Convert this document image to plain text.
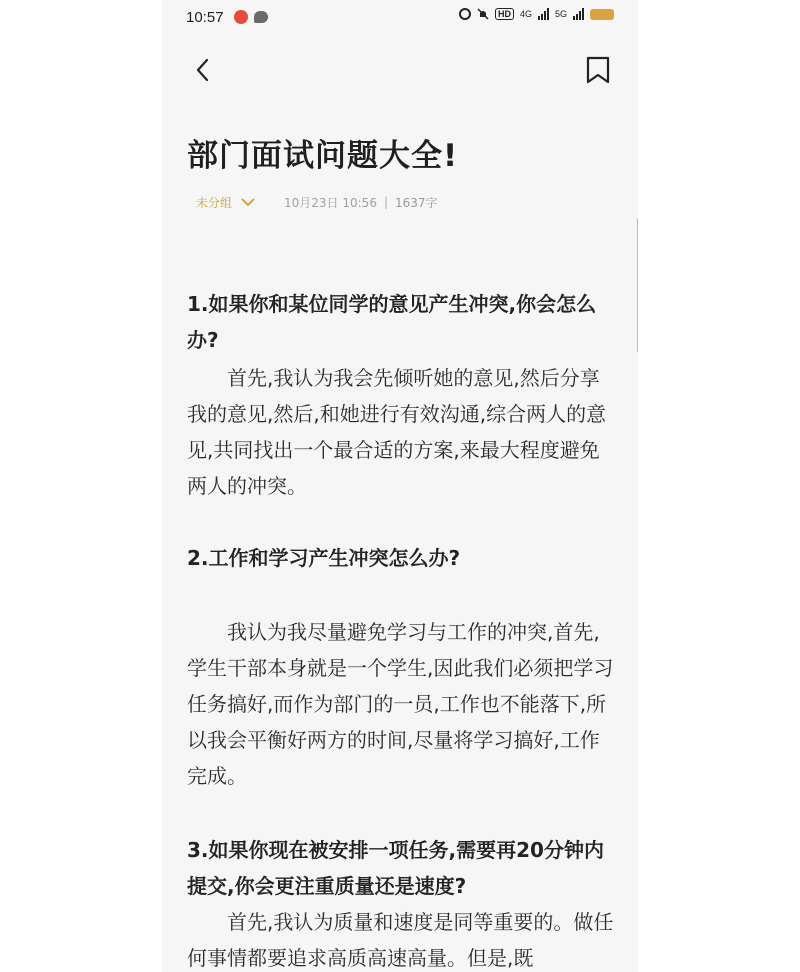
10:57	HD	4G	5G
部门面试问题大全!
未分组	10月23日 10:56 | 1637字

1.如果你和某位同学的意见产生冲突,你会怎么办?

首先,我认为我会先倾听她的意见,然后分享我的意见,然后,和她进行有效沟通,综合两人的意见,共同找出一个最合适的方案,来最大程度避免两人的冲突。

2.工作和学习产生冲突怎么办?

我认为我尽量避免学习与工作的冲突,首先,学生干部本身就是一个学生,因此我们必须把学习任务搞好,而作为部门的一员,工作也不能落下,所以我会平衡好两方的时间,尽量将学习搞好,工作完成。

3.如果你现在被安排一项任务,需要再20分钟内提交,你会更注重质量还是速度?

首先,我认为质量和速度是同等重要的。做任何事情都要追求高质高速高量。但是,既
